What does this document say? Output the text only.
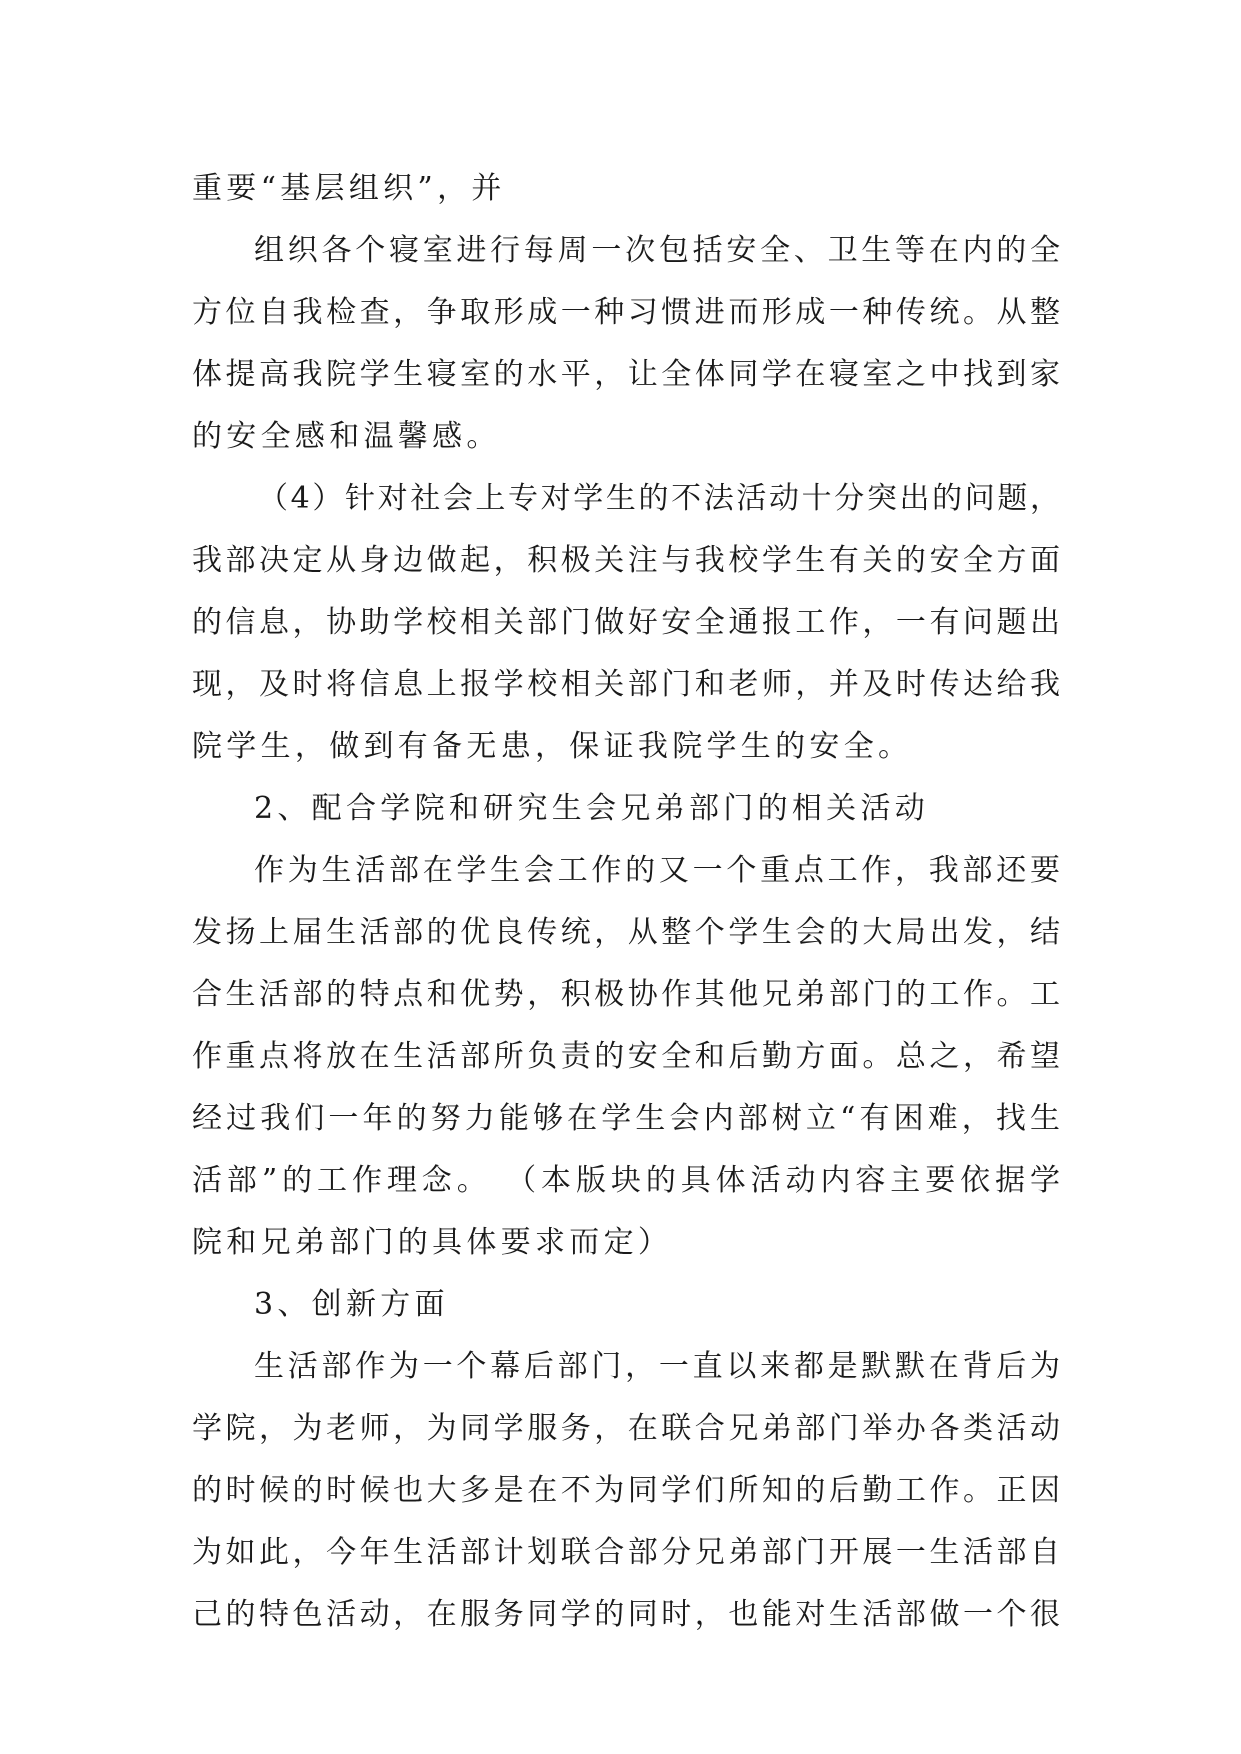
重要“基层组织”，并
组织各个寝室进行每周一次包括安全、卫生等在内的全
方位自我检查，争取形成一种习惯进而形成一种传统。从整
体提高我院学生寝室的水平，让全体同学在寝室之中找到家
的安全感和温馨感。
（4）针对社会上专对学生的不法活动十分突出的问题，
我部决定从身边做起，积极关注与我校学生有关的安全方面
的信息，协助学校相关部门做好安全通报工作，一有问题出
现，及时将信息上报学校相关部门和老师，并及时传达给我
院学生，做到有备无患，保证我院学生的安全。
2、配合学院和研究生会兄弟部门的相关活动
作为生活部在学生会工作的又一个重点工作，我部还要
发扬上届生活部的优良传统，从整个学生会的大局出发，结
合生活部的特点和优势，积极协作其他兄弟部门的工作。工
作重点将放在生活部所负责的安全和后勤方面。总之，希望
经过我们一年的努力能够在学生会内部树立“有困难，找生
活部”的工作理念。 （本版块的具体活动内容主要依据学
院和兄弟部门的具体要求而定）
3、创新方面
生活部作为一个幕后部门，一直以来都是默默在背后为
学院，为老师，为同学服务，在联合兄弟部门举办各类活动
的时候的时候也大多是在不为同学们所知的后勤工作。正因
为如此，今年生活部计划联合部分兄弟部门开展一生活部自
己的特色活动，在服务同学的同时，也能对生活部做一个很
